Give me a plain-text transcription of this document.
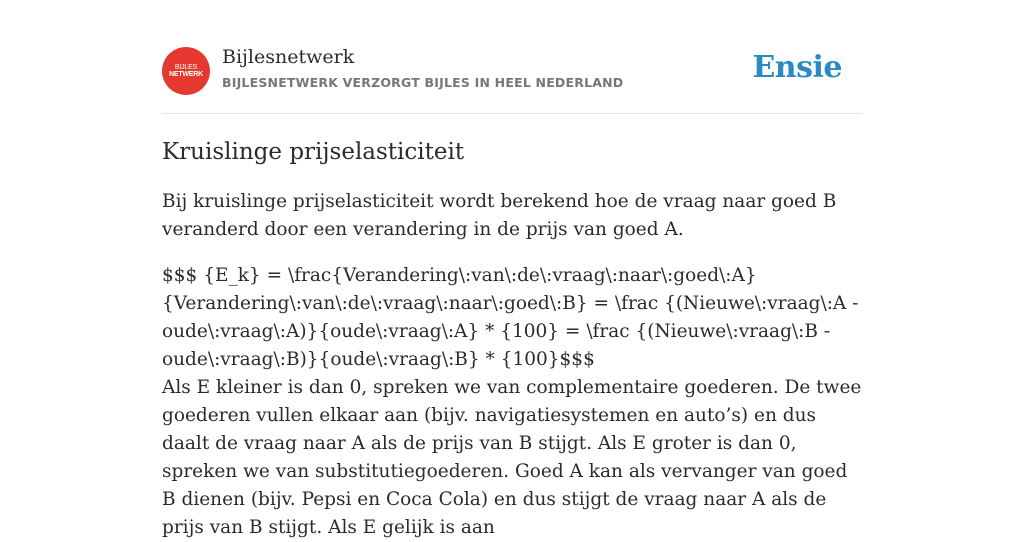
BIJLES
NETWERK
Bijlesnetwerk
BIJLESNETWERK VERZORGT BIJLES IN HEEL NEDERLAND	Ensie
Kruislinge prijselasticiteit

Bij kruislinge prijselasticiteit wordt berekend hoe de vraag naar goed B veranderd door een verandering in de prijs van goed A.

$$$ {E_k} = \frac{Verandering\:van\:de\:vraag\:naar\:goed\:A}{Verandering\:van\:de\:vraag\:naar\:goed\:B} = \frac {(Nieuwe\:vraag\:A - oude\:vraag\:A)}{oude\:vraag\:A} * {100} = \frac {(Nieuwe\:vraag\:B - oude\:vraag\:B)}{oude\:vraag\:B} * {100}$$$

Als E kleiner is dan 0, spreken we van complementaire goederen. De twee goederen vullen elkaar aan (bijv. navigatiesystemen en auto’s) en dus daalt de vraag naar A als de prijs van B stijgt. Als E groter is dan 0, spreken we van substitutiegoederen. Goed A kan als vervanger van goed B dienen (bijv. Pepsi en Coca Cola) en dus stijgt de vraag naar A als de prijs van B stijgt. Als E gelijk is aan
